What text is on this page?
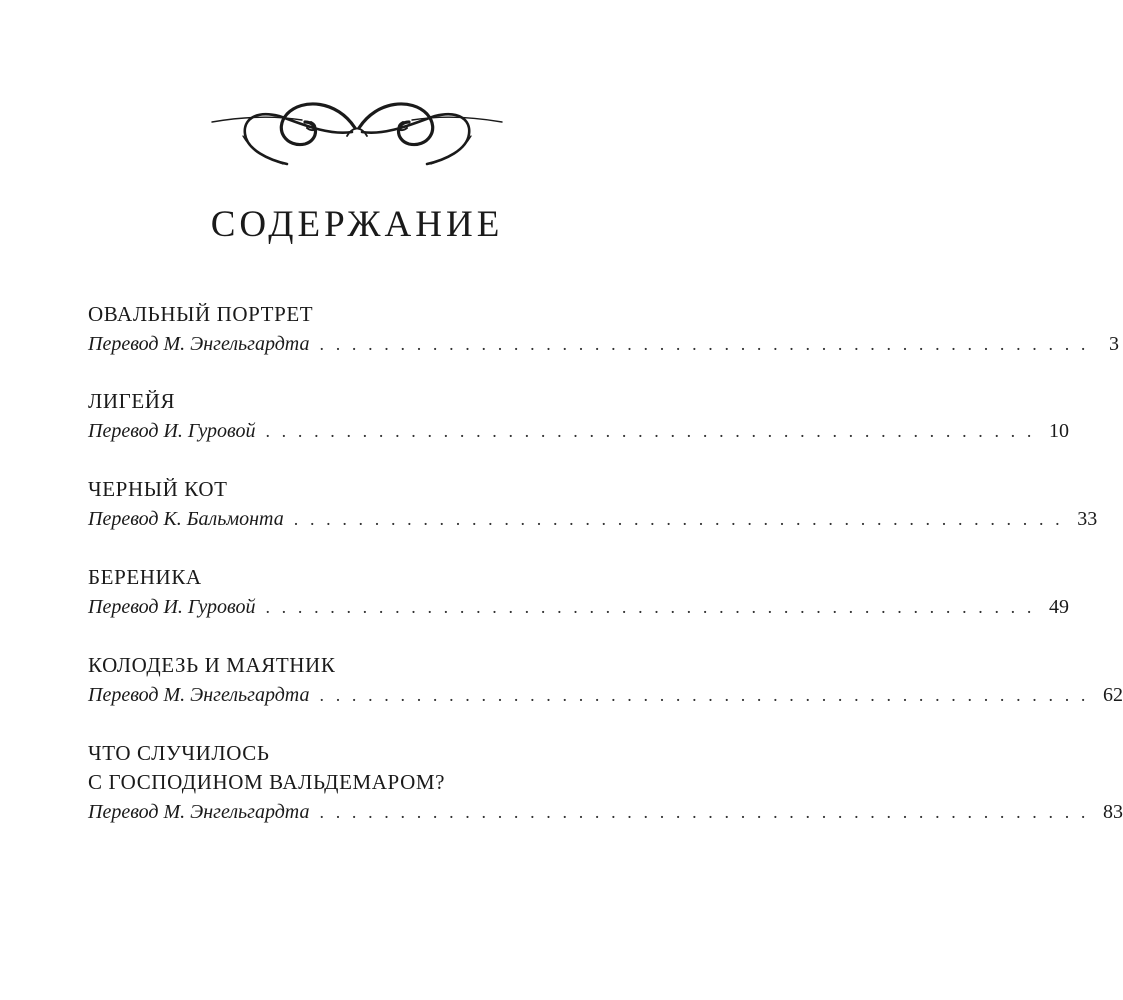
СОДЕРЖАНИЕ
ОВАЛЬНЫЙ ПОРТРЕТ
Перевод М. Энгельгардта . . . . . . . . . . . . . . . . . . . . . . . . . . . . . . . . . . . . . . . . . . . . . . . .	3
ЛИГЕЙЯ
Перевод И. Гуровой . . . . . . . . . . . . . . . . . . . . . . . . . . . . . . . . . . . . . . . . . . . . . . . . 10
ЧЕРНЫЙ КОТ
Перевод К. Бальмонта . . . . . . . . . . . . . . . . . . . . . . . . . . . . . . . . . . . . . . . . . . . . . . . . 33
БЕРЕНИКА
Перевод И. Гуровой . . . . . . . . . . . . . . . . . . . . . . . . . . . . . . . . . . . . . . . . . . . . . . . . 49
КОЛОДЕЗЬ И МАЯТНИК
Перевод М. Энгельгардта . . . . . . . . . . . . . . . . . . . . . . . . . . . . . . . . . . . . . . . . . . . . . . . . 62
ЧТО СЛУЧИЛОСЬ
С ГОСПОДИНОМ ВАЛЬДЕМАРОМ?
Перевод М. Энгельгардта . . . . . . . . . . . . . . . . . . . . . . . . . . . . . . . . . . . . . . . . . . . . . . . . 83
